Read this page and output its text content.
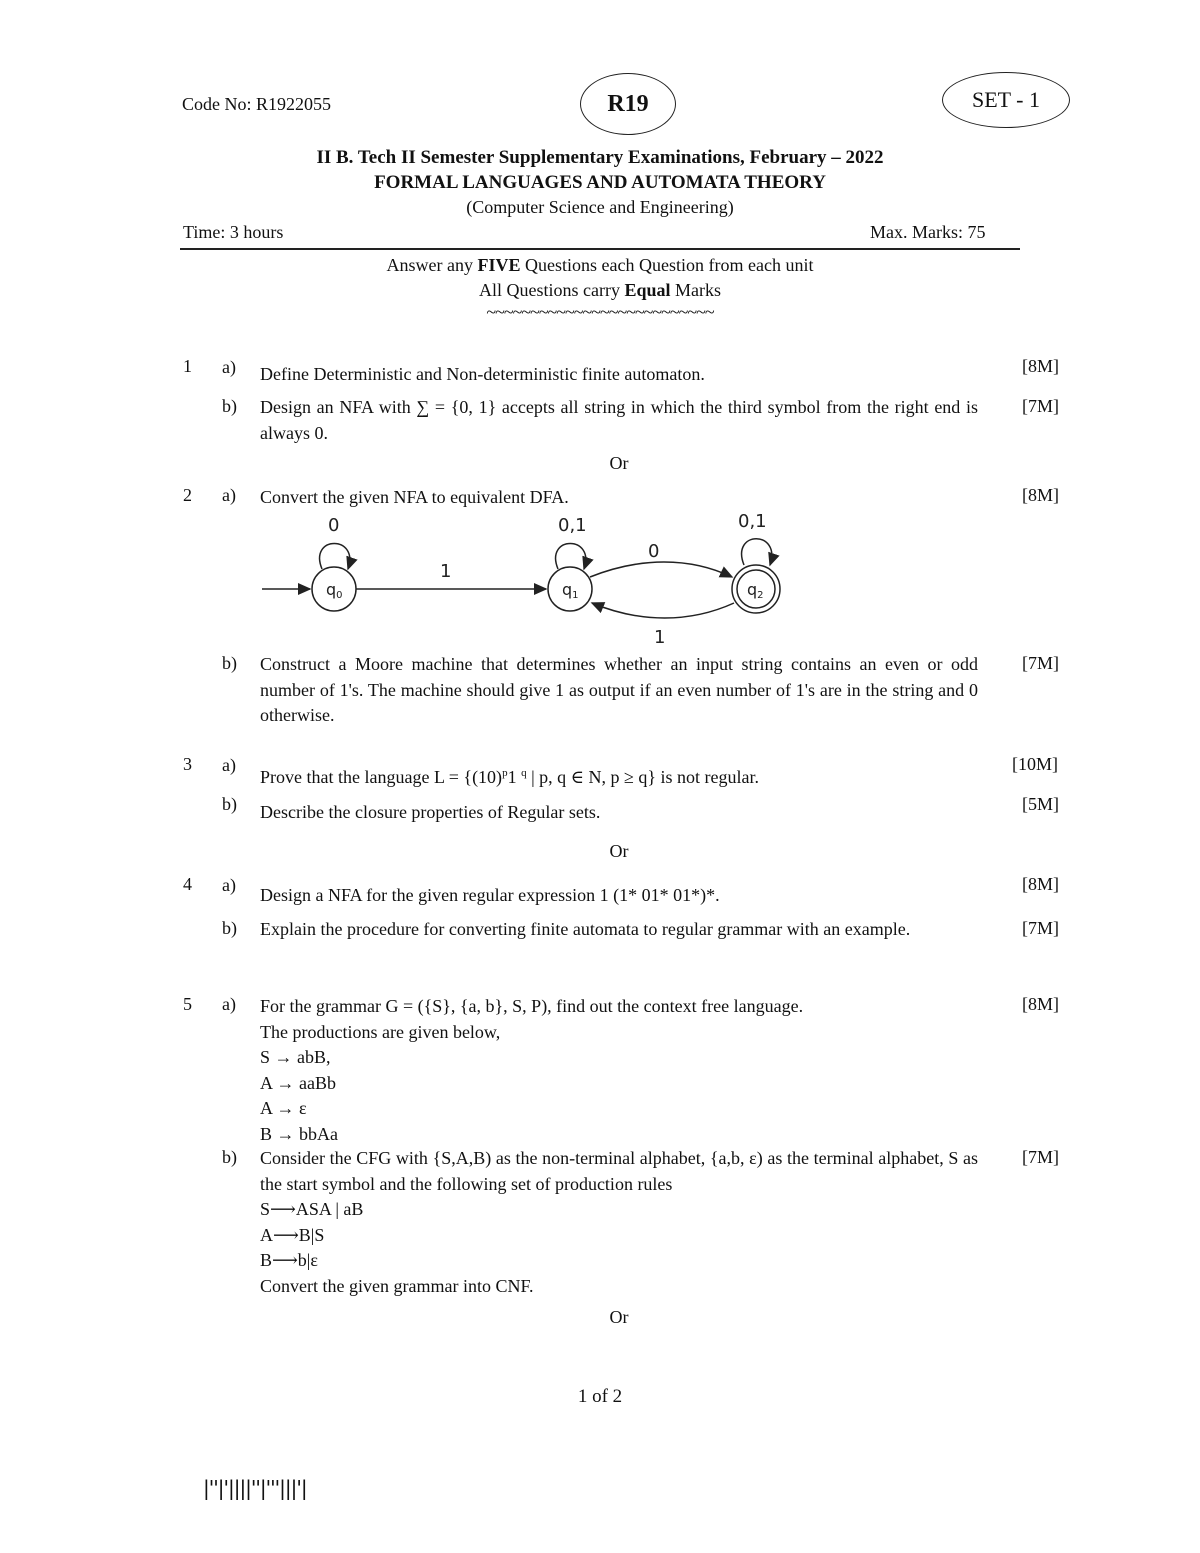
Code No: R1922055	R19	SET - 1
II B. Tech II Semester Supplementary Examinations, February – 2022
FORMAL LANGUAGES AND AUTOMATA THEORY
(Computer Science and Engineering)
Time: 3 hours	Max. Marks: 75
Answer any FIVE Questions each Question from each unit
All Questions carry Equal Marks
~~~~~~~~~~~~~~~~~~~~~~~~~~
1 a) Define Deterministic and Non-deterministic finite automaton.	[8M]
b) Design an NFA with ∑ = {0, 1} accepts all string in which the third symbol from the right end is always 0.
[7M]
Or
2 a) Convert the given NFA to equivalent DFA.	[8M]
q0	q1	q2
0	0,1	0,1
1
0
1
b) Construct a Moore machine that determines whether an input string contains an even or odd number of 1's. The machine should give 1 as output if an even number of 1's are in the string and 0 otherwise.
[7M]
3 a)
Prove that the language $L = \{(10)^p1$ $^q$ | p, q ∈ N, p ≥ q} is not regular.
[10M]
b) Describe the closure properties of Regular sets.	[5M]
Or
4 a) Design a NFA for the given regular expression 1 (1* 01* 01*)*.
[8M]
b) Explain the procedure for converting finite automata to regular grammar with an example.	[7M]
5 a) For the grammar G = ({S}, {a, b}, S, P), find out the context free language.
The productions are given below,
S → abB,
A → aaBb
A → ε
B → bbAa
[8M]
b) Consider the CFG with {S,A,B) as the non-terminal alphabet, {a,b, ε) as the terminal alphabet, S as the start symbol and the following set of production rules
S⟶ASA | aB
A⟶B|S
B⟶b|ε
Convert the given grammar into CNF.
[7M]
Or
1 of 2
|''|'||||''|'''|||'|
